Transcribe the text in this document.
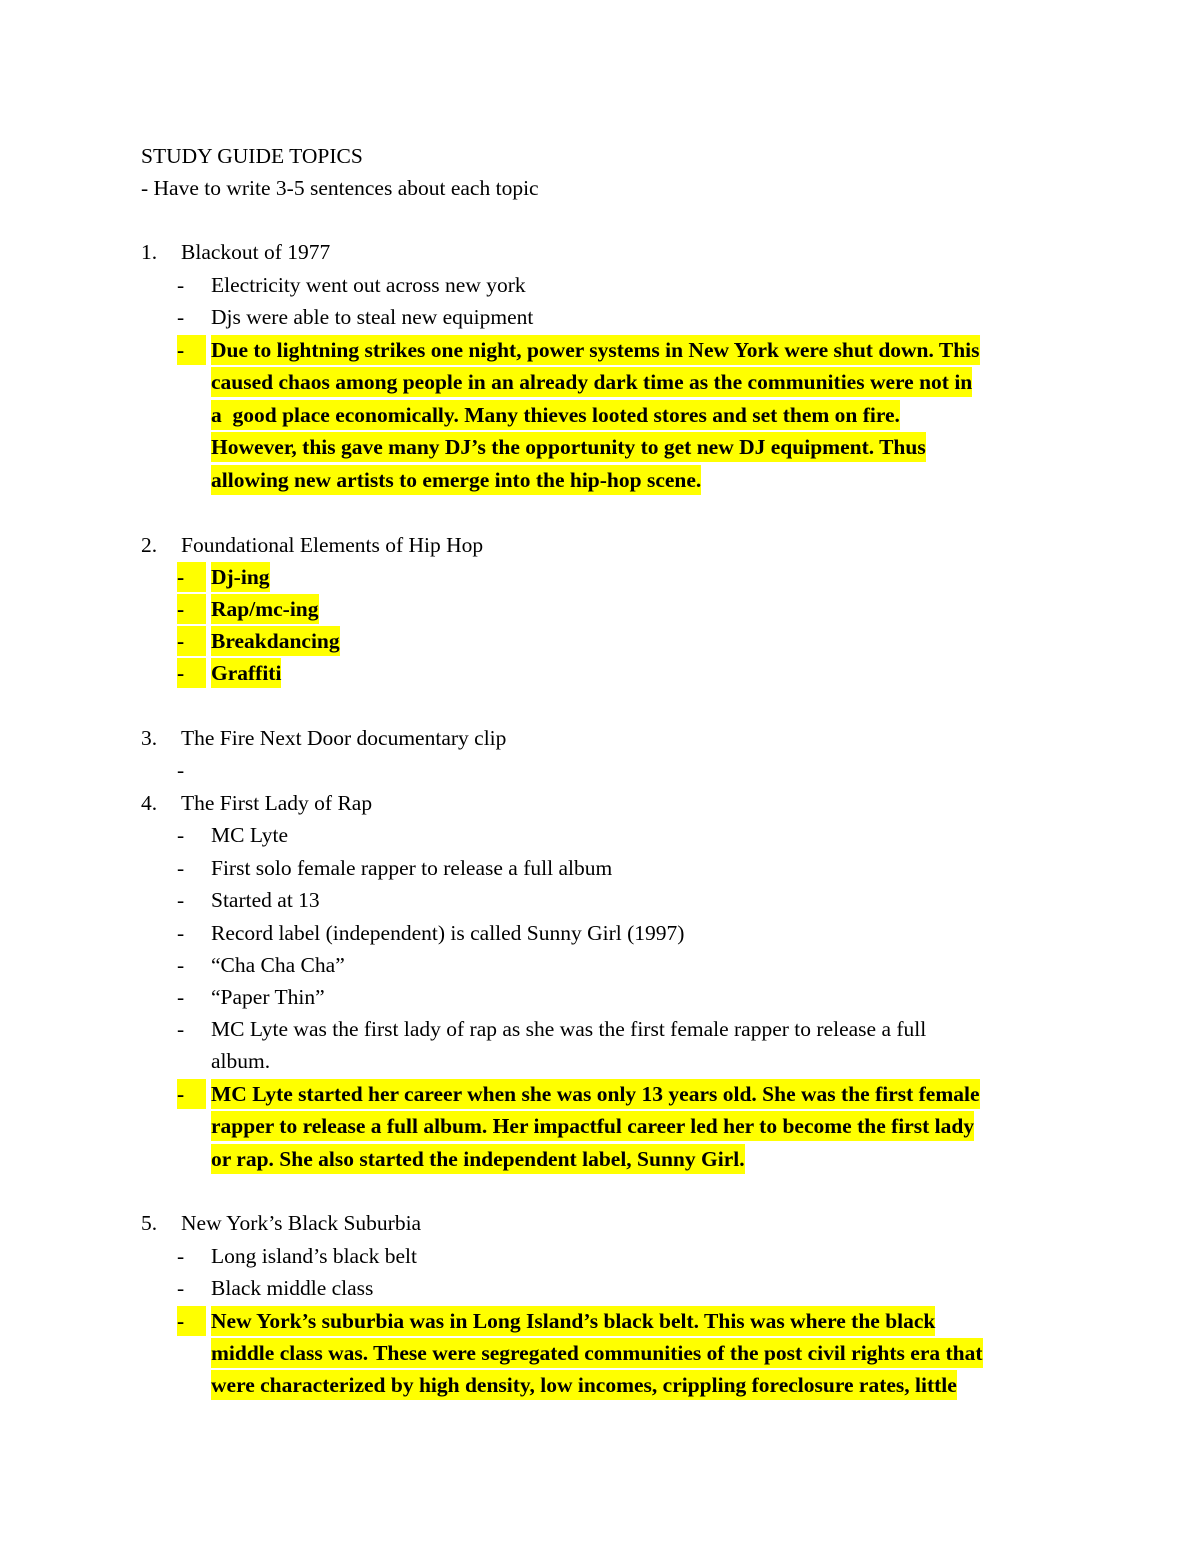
STUDY GUIDE TOPICS
- Have to write 3-5 sentences about each topic
1. Blackout of 1977
- Electricity went out across new york
- Djs were able to steal new equipment
-	Due to lightning strikes one night, power systems in New York were shut down. This
caused chaos among people in an already dark time as the communities were not in
a  good place economically. Many thieves looted stores and set them on fire.
However, this gave many DJ’s the opportunity to get new DJ equipment. Thus
allowing new artists to emerge into the hip-hop scene.
2. Foundational Elements of Hip Hop
-	Dj-ing
-	Rap/mc-ing
-	Breakdancing
-	Graffiti
3. The Fire Next Door documentary clip
-
4. The First Lady of Rap
- MC Lyte
- First solo female rapper to release a full album
- Started at 13
- Record label (independent) is called Sunny Girl (1997)
- “Cha Cha Cha”
- “Paper Thin”
- MC Lyte was the first lady of rap as she was the first female rapper to release a full
album.
-	MC Lyte started her career when she was only 13 years old. She was the first female
rapper to release a full album. Her impactful career led her to become the first lady
or rap. She also started the independent label, Sunny Girl.
5. New York’s Black Suburbia
- Long island’s black belt
- Black middle class
-	New York’s suburbia was in Long Island’s black belt. This was where the black
middle class was. These were segregated communities of the post civil rights era that
were characterized by high density, low incomes, crippling foreclosure rates, little
